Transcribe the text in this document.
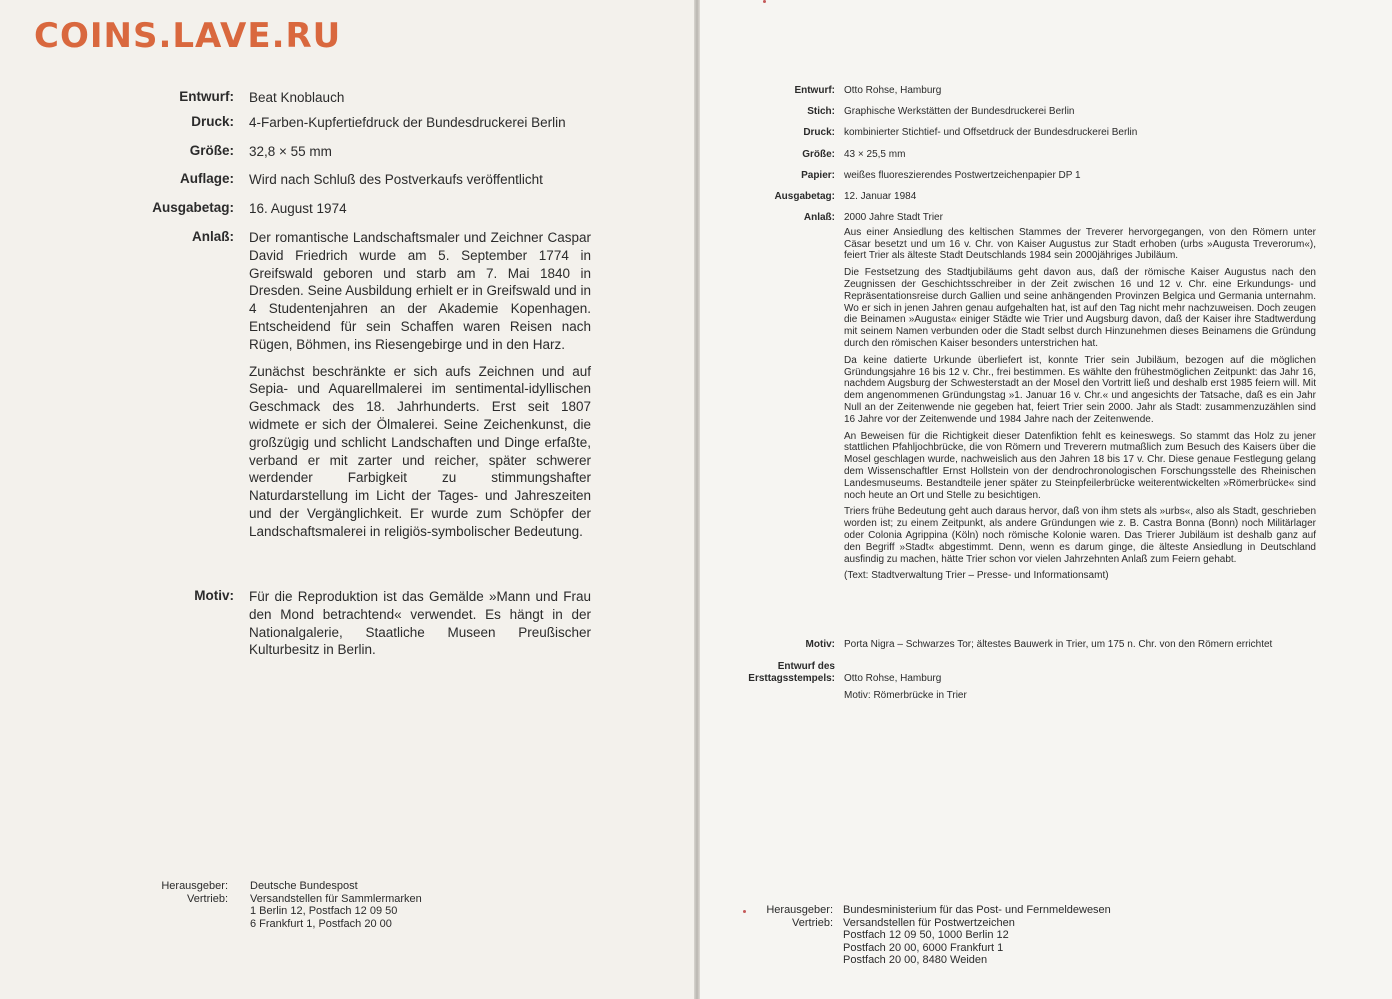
COINS.LAVE.RU
Entwurf: Beat Knoblauch
Druck: 4-Farben-Kupfertiefdruck der Bundesdruckerei Berlin
Größe: 32,8 × 55 mm
Auflage: Wird nach Schluß des Postverkaufs veröffentlicht
Ausgabetag: 16. August 1974
Anlaß: Der romantische Landschaftsmaler und Zeichner Caspar David Friedrich wurde am 5. September 1774 in Greifswald geboren und starb am 7. Mai 1840 in Dresden. Seine Ausbildung erhielt er in Greifswald und in 4 Studentenjahren an der Akademie Kopenhagen. Entscheidend für sein Schaffen waren Reisen nach Rügen, Böhmen, ins Riesengebirge und in den Harz.

Zunächst beschränkte er sich aufs Zeichnen und auf Sepia- und Aquarellmalerei im sentimental-idyllischen Geschmack des 18. Jahrhunderts. Erst seit 1807 widmete er sich der Ölmalerei. Seine Zeichenkunst, die großzügig und schlicht Landschaften und Dinge erfaßte, verband er mit zarter und reicher, später schwerer werdender Farbigkeit zu stimmungshafter Naturdarstellung im Licht der Tages- und Jahreszeiten und der Vergänglichkeit. Er wurde zum Schöpfer der Landschaftsmalerei in religiös-symbolischer Bedeutung.

Motiv: Für die Reproduktion ist das Gemälde »Mann und Frau den Mond betrachtend« verwendet. Es hängt in der Nationalgalerie, Staatliche Museen Preußischer Kulturbesitz in Berlin.
Herausgeber:
Vertrieb:
Deutsche Bundespost
Versandstellen für Sammlermarken
1 Berlin 12, Postfach 12 09 50
6 Frankfurt 1, Postfach 20 00
Entwurf: Otto Rohse, Hamburg
Stich: Graphische Werkstätten der Bundesdruckerei Berlin
Druck: kombinierter Stichtief- und Offsetdruck der Bundesdruckerei Berlin
Größe: 43 × 25,5 mm
Papier: weißes fluoreszierendes Postwertzeichenpapier DP 1
Ausgabetag: 12. Januar 1984
Anlaß: 2000 Jahre Stadt Trier

Aus einer Ansiedlung des keltischen Stammes der Treverer hervorgegangen, von den Römern unter Cäsar besetzt und um 16 v. Chr. von Kaiser Augustus zur Stadt erhoben (urbs »Augusta Treverorum«), feiert Trier als älteste Stadt Deutschlands 1984 sein 2000jähriges Jubiläum.

Die Festsetzung des Stadtjubiläums geht davon aus, daß der römische Kaiser Augustus nach den Zeugnissen der Geschichtsschreiber in der Zeit zwischen 16 und 12 v. Chr. eine Erkundungs- und Repräsentationsreise durch Gallien und seine anhängenden Provinzen Belgica und Germania unternahm. Wo er sich in jenen Jahren genau aufgehalten hat, ist auf den Tag nicht mehr nachzuweisen. Doch zeugen die Beinamen »Augusta« einiger Städte wie Trier und Augsburg davon, daß der Kaiser ihre Stadtwerdung mit seinem Namen verbunden oder die Stadt selbst durch Hinzunehmen dieses Beinamens die Gründung durch den römischen Kaiser besonders unterstrichen hat.

Da keine datierte Urkunde überliefert ist, konnte Trier sein Jubiläum, bezogen auf die möglichen Gründungsjahre 16 bis 12 v. Chr., frei bestimmen. Es wählte den frühestmöglichen Zeitpunkt: das Jahr 16, nachdem Augsburg der Schwesterstadt an der Mosel den Vortritt ließ und deshalb erst 1985 feiern will. Mit dem angenommenen Gründungstag »1. Januar 16 v. Chr.« und angesichts der Tatsache, daß es ein Jahr Null an der Zeitenwende nie gegeben hat, feiert Trier sein 2000. Jahr als Stadt: zusammenzuzählen sind 16 Jahre vor der Zeitenwende und 1984 Jahre nach der Zeitenwende.

An Beweisen für die Richtigkeit dieser Datenfiktion fehlt es keineswegs. So stammt das Holz zu jener stattlichen Pfahljochbrücke, die von Römern und Treverern mutmaßlich zum Besuch des Kaisers über die Mosel geschlagen wurde, nachweislich aus den Jahren 18 bis 17 v. Chr. Diese genaue Festlegung gelang dem Wissenschaftler Ernst Hollstein von der dendrochronologischen Forschungsstelle des Rheinischen Landesmuseums. Bestandteile jener später zu Steinpfeilerbrücke weiterentwickelten »Römerbrücke« sind noch heute an Ort und Stelle zu besichtigen.

Triers frühe Bedeutung geht auch daraus hervor, daß von ihm stets als »urbs«, also als Stadt, geschrieben worden ist; zu einem Zeitpunkt, als andere Gründungen wie z. B. Castra Bonna (Bonn) noch Militärlager oder Colonia Agrippina (Köln) noch römische Kolonie waren. Das Trierer Jubiläum ist deshalb ganz auf den Begriff »Stadt« abgestimmt. Denn, wenn es darum ginge, die älteste Ansiedlung in Deutschland ausfindig zu machen, hätte Trier schon vor vielen Jahrzehnten Anlaß zum Feiern gehabt.

(Text: Stadtverwaltung Trier – Presse- und Informationsamt)

Motiv: Porta Nigra – Schwarzes Tor; ältestes Bauwerk in Trier, um 175 n. Chr. von den Römern errichtet
Entwurf des
Ersttagsstempels: Otto Rohse, Hamburg
Motiv: Römerbrücke in Trier
Herausgeber:
Vertrieb:
Bundesministerium für das Post- und Fernmeldewesen
Versandstellen für Postwertzeichen
Postfach 12 09 50, 1000 Berlin 12
Postfach 20 00, 6000 Frankfurt 1
Postfach 20 00, 8480 Weiden
